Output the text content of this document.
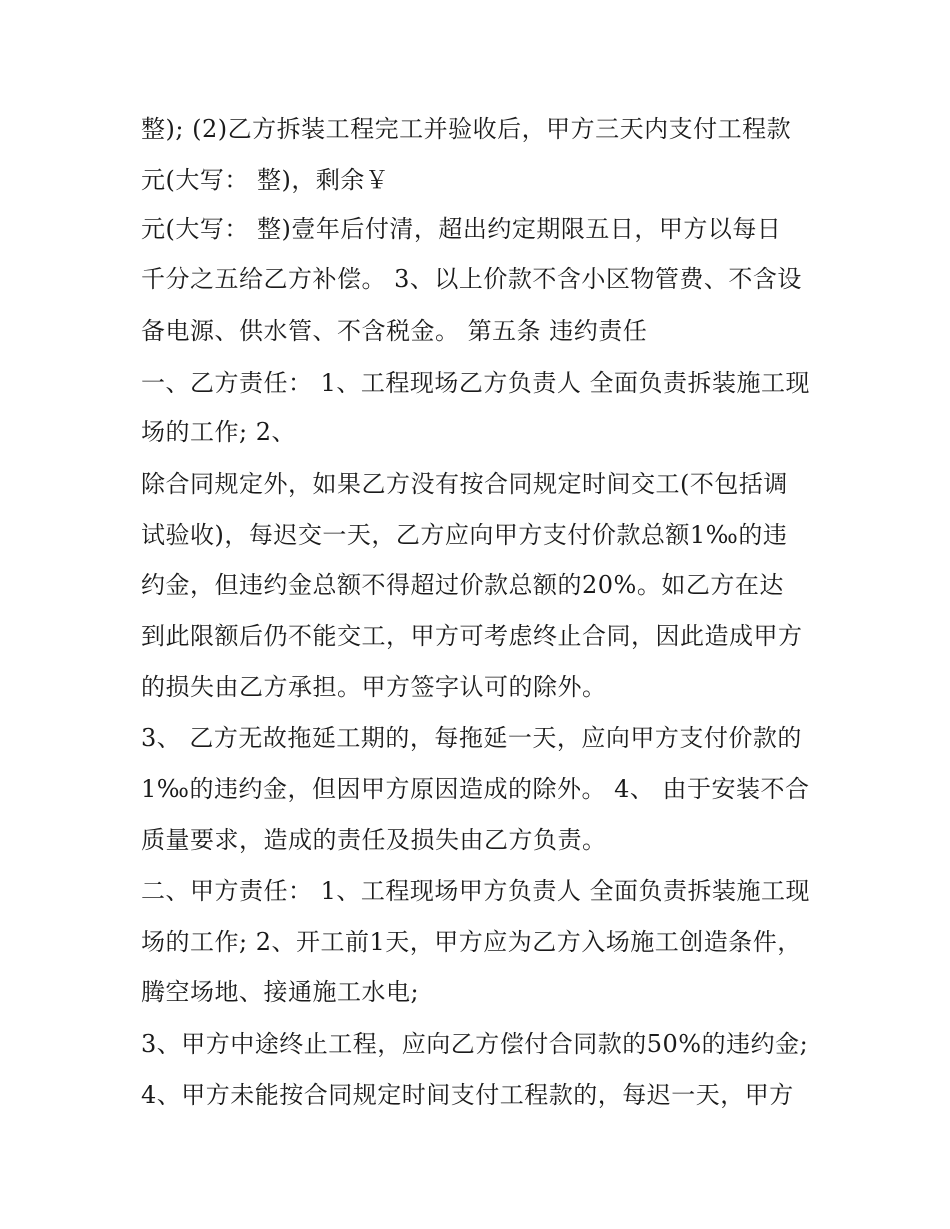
整); (2)乙方拆装工程完工并验收后，甲方三天内支付工程款

元(大写： 整)，剩余￥

元(大写： 整)壹年后付清，超出约定期限五日，甲方以每日

千分之五给乙方补偿。 3、以上价款不含小区物管费、不含设

备电源、供水管、不含税金。 第五条 违约责任

一、乙方责任： 1、工程现场乙方负责人 全面负责拆装施工现

场的工作; 2、

除合同规定外，如果乙方没有按合同规定时间交工(不包括调

试验收)，每迟交一天，乙方应向甲方支付价款总额1‰的违

约金，但违约金总额不得超过价款总额的20%。如乙方在达

到此限额后仍不能交工，甲方可考虑终止合同，因此造成甲方

的损失由乙方承担。甲方签字认可的除外。

3、 乙方无故拖延工期的，每拖延一天，应向甲方支付价款的

1‰的违约金，但因甲方原因造成的除外。 4、 由于安装不合

质量要求，造成的责任及损失由乙方负责。

二、甲方责任： 1、工程现场甲方负责人 全面负责拆装施工现

场的工作; 2、开工前1天，甲方应为乙方入场施工创造条件，

腾空场地、接通施工水电;

3、甲方中途终止工程，应向乙方偿付合同款的50%的违约金;

4、甲方未能按合同规定时间支付工程款的，每迟一天，甲方
